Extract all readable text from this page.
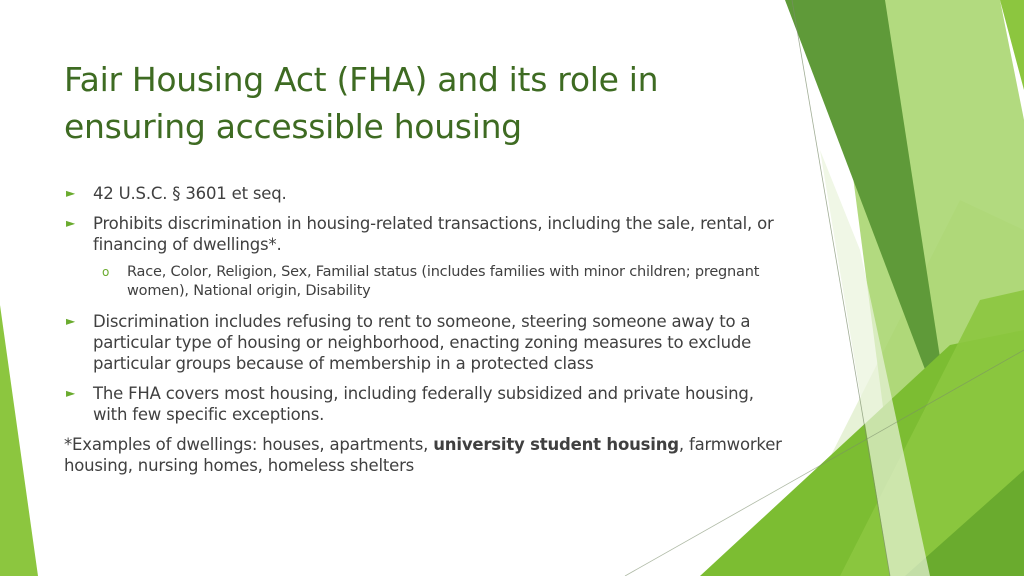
Fair Housing Act (FHA) and its role in ensuring accessible housing
► 42 U.S.C. § 3601 et seq.
► Prohibits discrimination in housing-related transactions, including the sale, rental, or financing of dwellings*.
o Race, Color, Religion, Sex, Familial status (includes families with minor children; pregnant women), National origin, Disability
► Discrimination includes refusing to rent to someone, steering someone away to a particular type of housing or neighborhood, enacting zoning measures to exclude particular groups because of membership in a protected class
► The FHA covers most housing, including federally subsidized and private housing, with few specific exceptions.
*Examples of dwellings: houses, apartments, university student housing, farmworker housing, nursing homes, homeless shelters
